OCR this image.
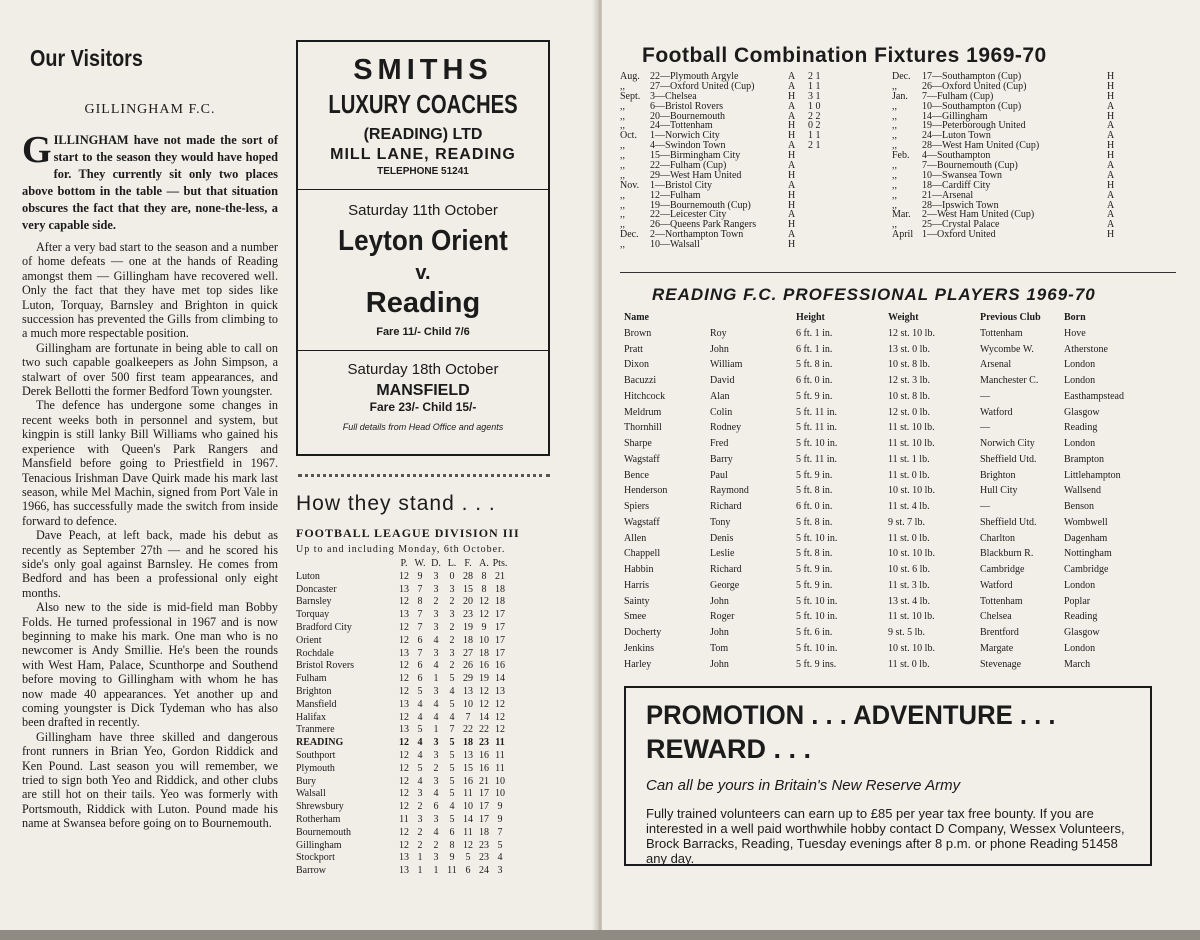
Our Visitors
GILLINGHAM F.C.
G ILLINGHAM have not made the sort of start to the season they would have hoped for. They currently sit only two places above bottom in the table — but that situation obscures the fact that they are, none-the-less, a very capable side.

After a very bad start to the season and a number of home defeats — one at the hands of Reading amongst them — Gillingham have recovered well. Only the fact that they have met top sides like Luton, Torquay, Barnsley and Brighton in quick succession has prevented the Gills from climbing to a much more respectable position.

Gillingham are fortunate in being able to call on two such capable goalkeepers as John Simpson, a stalwart of over 500 first team appearances, and Derek Bellotti the former Bedford Town youngster.

The defence has undergone some changes in recent weeks both in personnel and system, but kingpin is still lanky Bill Williams who gained his experience with Queen's Park Rangers and Mansfield before going to Priestfield in 1967. Tenacious Irishman Dave Quirk made his mark last season, while Mel Machin, signed from Port Vale in 1966, has successfully made the switch from inside forward to defence.

Dave Peach, at left back, made his debut as recently as September 27th — and he scored his side's only goal against Barnsley. He comes from Bedford and has been a professional only eight months.

Also new to the side is mid-field man Bobby Folds. He turned professional in 1967 and is now beginning to make his mark. One man who is no newcomer is Andy Smillie. He's been the rounds with West Ham, Palace, Scunthorpe and Southend before moving to Gillingham with whom he has now made 40 appearances. Yet another up and coming youngster is Dick Tydeman who has also been drafted in recently.

Gillingham have three skilled and dangerous front runners in Brian Yeo, Gordon Riddick and Ken Pound. Last season you will remember, we tried to sign both Yeo and Riddick, and other clubs are still hot on their tails. Yeo was formerly with Portsmouth, Riddick with Luton. Pound made his name at Swansea before going on to Bournemouth.

SMITHS
LUXURY COACHES
(READING) LTD
MILL LANE, READING
TELEPHONE 51241
Saturday 11th October
Leyton Orient
v.
Reading
Fare 11/- Child 7/6
Saturday 18th October
MANSFIELD
Fare 23/- Child 15/-
Full details from Head Office and agents
How they stand . . .
FOOTBALL LEAGUE DIVISION III
Up to and including Monday, 6th October.
	P.	W.	D.	L.	F.	A.	Pts.
Luton	12	9	3	0	28	8	21
Doncaster	13	7	3	3	15	8	18
Barnsley	12	8	2	2	20	12	18
Torquay	13	7	3	3	23	12	17
Bradford City	12	7	3	2	19	9	17
Orient	12	6	4	2	18	10	17
Rochdale	13	7	3	3	27	18	17
Bristol Rovers	12	6	4	2	26	16	16
Fulham	12	6	1	5	29	19	14
Brighton	12	5	3	4	13	12	13
Mansfield	13	4	4	5	10	12	12
Halifax	12	4	4	4	7	14	12
Tranmere	13	5	1	7	22	22	12
READING	12	4	3	5	18	23	11
Southport	12	4	3	5	13	16	11
Plymouth	12	5	2	5	15	16	11
Bury	12	4	3	5	16	21	10
Walsall	12	3	4	5	11	17	10
Shrewsbury	12	2	6	4	10	17	9
Rotherham	11	3	3	5	14	17	9
Bournemouth	12	2	4	6	11	18	7
Gillingham	12	2	2	8	12	23	5
Stockport	13	1	3	9	5	23	4
Barrow	13	1	1	11	6	24	3
Football Combination Fixtures 1969-70
Aug. 22—Plymouth Argyle	A 2 1
,,	27—Oxford United (Cup)	A 1 1
Sept. 3—Chelsea	H 3 1
,,	6—Bristol Rovers	A 1 0
,,	20—Bournemouth	A 2 2
,,	24—Tottenham	H 0 2
Oct. 1—Norwich City	H 1 1
,,	4—Swindon Town	A 2 1
,,	15—Birmingham City	H
,,	22—Fulham (Cup)	A
,,	29—West Ham United	H
Nov. 1—Bristol City	A
,,	12—Fulham	H
,,	19—Bournemouth (Cup)	H
,,	22—Leicester City	A
,,	26—Queens Park Rangers	H
Dec. 2—Northampton Town	A
,,	10—Walsall	H
Dec. 17—Southampton (Cup)	H
,,	26—Oxford United (Cup)	H
Jan. 7—Fulham (Cup)	H
,,	10—Southampton (Cup)	A
,,	14—Gillingham	H
,,	19—Peterborough United	A
,,	24—Luton Town	A
,,	28—West Ham United (Cup)	H
Feb. 4—Southampton	H
,,	7—Bournemouth (Cup)	A
,,	10—Swansea Town	A
,,	18—Cardiff City	H
,,	21—Arsenal	A
,,	28—Ipswich Town	A
Mar. 2—West Ham United (Cup)	A
,,	25—Crystal Palace	A
April 1—Oxford United	H
READING F.C. PROFESSIONAL PLAYERS 1969-70
Name		Height	Weight	Previous Club	Born
Brown	Roy	6 ft. 1 in.	12 st. 10 lb.	Tottenham	Hove
Pratt	John	6 ft. 1 in.	13 st. 0 lb.	Wycombe W.	Atherstone
Dixon	William	5 ft. 8 in.	10 st. 8 lb.	Arsenal	London
Bacuzzi	David	6 ft. 0 in.	12 st. 3 lb.	Manchester C.	London
Hitchcock	Alan	5 ft. 9 in.	10 st. 8 lb.	—	Easthampstead
Meldrum	Colin	5 ft. 11 in.	12 st. 0 lb.	Watford	Glasgow
Thornhill	Rodney	5 ft. 11 in.	11 st. 10 lb.	—	Reading
Sharpe	Fred	5 ft. 10 in.	11 st. 10 lb.	Norwich City	London
Wagstaff	Barry	5 ft. 11 in.	11 st. 1 lb.	Sheffield Utd.	Brampton
Bence	Paul	5 ft. 9 in.	11 st. 0 lb.	Brighton	Littlehampton
Henderson	Raymond	5 ft. 8 in.	10 st. 10 lb.	Hull City	Wallsend
Spiers	Richard	6 ft. 0 in.	11 st. 4 lb.	—	Benson
Wagstaff	Tony	5 ft. 8 in.	9 st. 7 lb.	Sheffield Utd.	Wombwell
Allen	Denis	5 ft. 10 in.	11 st. 0 lb.	Charlton	Dagenham
Chappell	Leslie	5 ft. 8 in.	10 st. 10 lb.	Blackburn R.	Nottingham
Habbin	Richard	5 ft. 9 in.	10 st. 6 lb.	Cambridge	Cambridge
Harris	George	5 ft. 9 in.	11 st. 3 lb.	Watford	London
Sainty	John	5 ft. 10 in.	13 st. 4 lb.	Tottenham	Poplar
Smee	Roger	5 ft. 10 in.	11 st. 10 lb.	Chelsea	Reading
Docherty	John	5 ft. 6 in.	9 st. 5 lb.	Brentford	Glasgow
Jenkins	Tom	5 ft. 10 in.	10 st. 10 lb.	Margate	London
Harley	John	5 ft. 9 ins.	11 st. 0 lb.	Stevenage	March
PROMOTION . . . ADVENTURE . . .
REWARD . . .
Can all be yours in Britain's New Reserve Army
Fully trained volunteers can earn up to £85 per year tax free bounty. If you are interested in a well paid worthwhile hobby contact D Company, Wessex Volunteers, Brock Barracks, Reading, Tuesday evenings after 8 p.m. or phone Reading 51458 any day.
